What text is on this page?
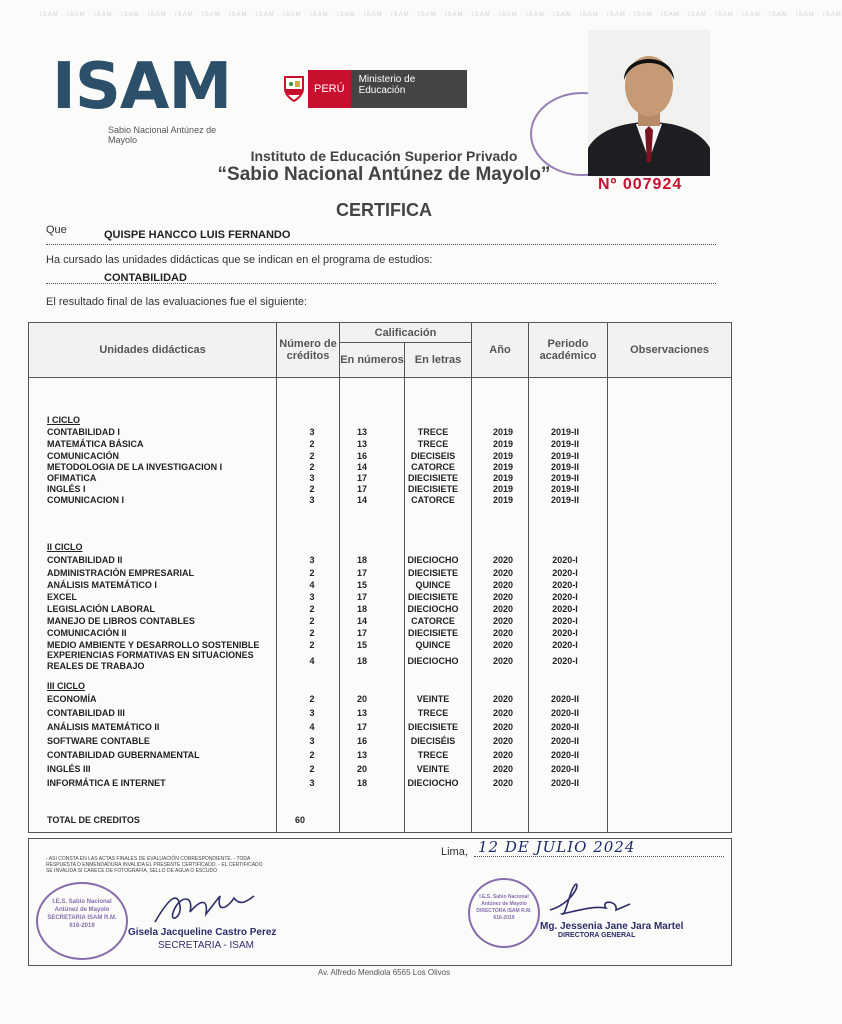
ISAM · ISAM · ISAM · ISAM · ISAM · ISAM · ISAM · ISAM · ISAM · ISAM · ISAM · ISAM · ISAM · ISAM · ISAM · ISAM · ISAM · ISAM · ISAM · ISAM · ISAM · ISAM · ISAM · ISAM · ISAM · ISAM · ISAM · ISAM · ISAM · ISAM
ISAM
Sabio Nacional Antúnez de Mayolo
PERÚ
Ministerio de Educación
Instituto de Educación Superior Privado
“Sabio Nacional Antúnez de Mayolo”	Nº 007924
CERTIFICA
Que	QUISPE HANCCO LUIS FERNANDO
Ha cursado las unidades didácticas que se indican en el programa de estudios:
CONTABILIDAD
El resultado final de las evaluaciones fue el siguiente:
Unidades didácticas	Número de créditos	Calificación		Año	Periodo académico	Observaciones
		En números	En letras			
I CICLO
CONTABILIDAD I	3	13	TRECE	2019	2019-II
MATEMÁTICA BÁSICA	2	13	TRECE	2019	2019-II
COMUNICACIÓN	2	16	DIECISEIS	2019	2019-II
METODOLOGIA DE LA INVESTIGACION I	2	14	CATORCE	2019	2019-II
OFIMATICA	3	17	DIECISIETE	2019	2019-II
INGLÉS I	2	17	DIECISIETE	2019	2019-II
COMUNICACION I	3	14	CATORCE	2019	2019-II
II CICLO
CONTABILIDAD II	3	18	DIECIOCHO	2020	2020-I
ADMINISTRACIÓN EMPRESARIAL	2	17	DIECISIETE	2020	2020-I
ANÁLISIS MATEMÁTICO I	4	15	QUINCE	2020	2020-I
EXCEL	3	17	DIECISIETE	2020	2020-I
LEGISLACIÓN LABORAL	2	18	DIECIOCHO	2020	2020-I
MANEJO DE LIBROS CONTABLES	2	14	CATORCE	2020	2020-I
COMUNICACIÓN II	2	17	DIECISIETE	2020	2020-I
MEDIO AMBIENTE Y DESARROLLO SOSTENIBLE	2	15	QUINCE	2020	2020-I
EXPERIENCIAS FORMATIVAS EN SITUACIONES REALES DE TRABAJO	4	18	DIECIOCHO	2020	2020-I
III CICLO
ECONOMÍA	2	20	VEINTE	2020	2020-II
CONTABILIDAD III	3	13	TRECE	2020	2020-II
ANÁLISIS MATEMÁTICO II	4	17	DIECISIETE	2020	2020-II
SOFTWARE CONTABLE	3	16	DIECISÉIS	2020	2020-II
CONTABILIDAD GUBERNAMENTAL	2	13	TRECE	2020	2020-II
INGLÉS III	2	20	VEINTE	2020	2020-II
INFORMÁTICA E INTERNET	3	18	DIECIOCHO	2020	2020-II
TOTAL DE CREDITOS	60
- ASI CONSTA EN LAS ACTAS FINALES DE EVALUACIÓN CORRESPONDIENTE. - TODA RESPUESTA O ENMENDADURA INVALIDA EL PRESENTE CERTIFICADO. - EL CERTIFICADO SE INVALIDA SI CARECE DE FOTOGRAFÍA, SELLO DE AGUA O ESCUDO
Lima, 12 DE JULIO 2024
I.E.S. Sabio Nacional Antúnez de Mayolo SECRETARIA ISAM R.M. 616-2019
Gisela Jacqueline Castro Perez
SECRETARIA - ISAM
I.E.S. Sabio Nacional Antúnez de Mayolo DIRECTORA ISAM R.M. 616-2019
Mg. Jessenia Jane Jara Martel
DIRECTORA GENERAL
Av. Alfredo Mendiola 6565 Los Olivos
